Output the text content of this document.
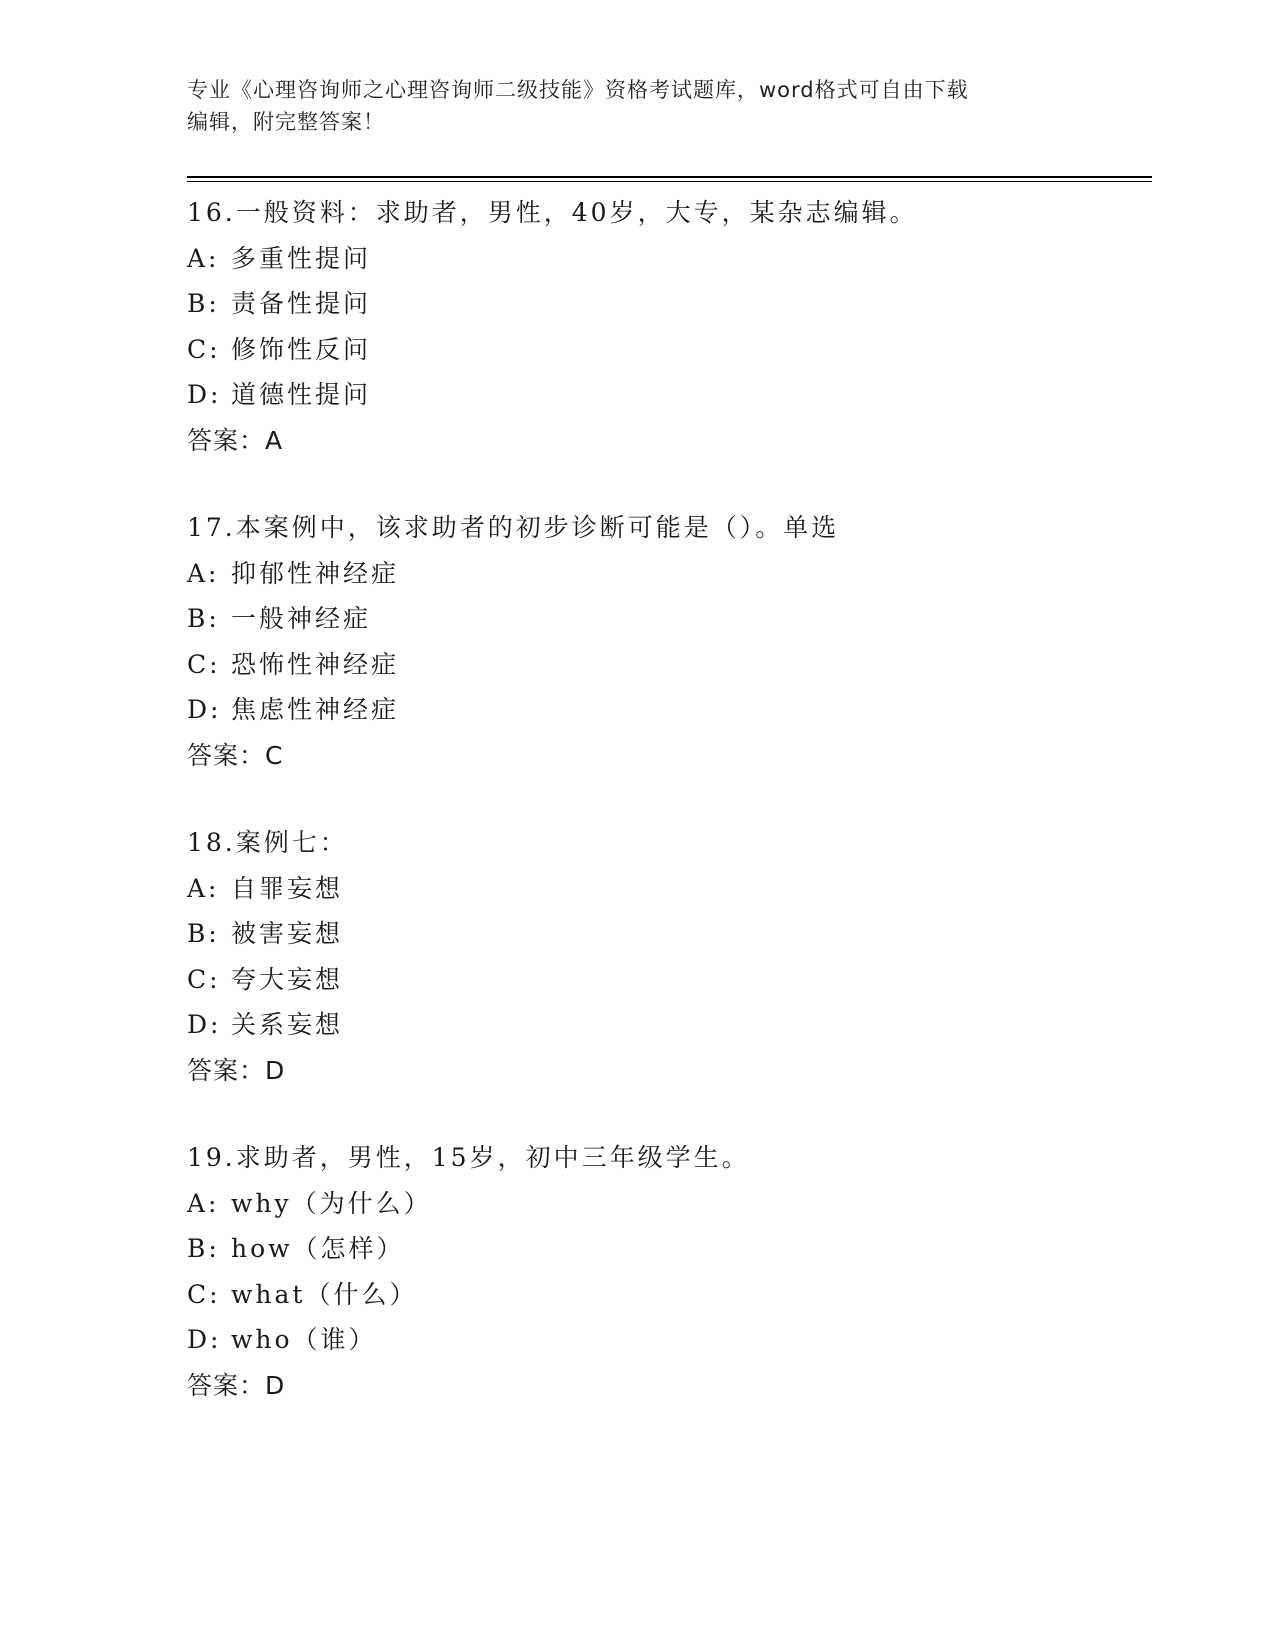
专业《心理咨询师之心理咨询师二级技能》资格考试题库，word格式可自由下载
编辑，附完整答案！
16.一般资料：求助者，男性，40岁，大专，某杂志编辑。
A: 多重性提问
B: 责备性提问
C: 修饰性反问
D: 道德性提问
答案：A
17.本案例中，该求助者的初步诊断可能是（）。单选
A: 抑郁性神经症
B: 一般神经症
C: 恐怖性神经症
D: 焦虑性神经症
答案：C
18.案例七：
A: 自罪妄想
B: 被害妄想
C: 夸大妄想
D: 关系妄想
答案：D
19.求助者，男性，15岁，初中三年级学生。
A: why（为什么）
B: how（怎样）
C: what（什么）
D: who（谁）
答案：D
